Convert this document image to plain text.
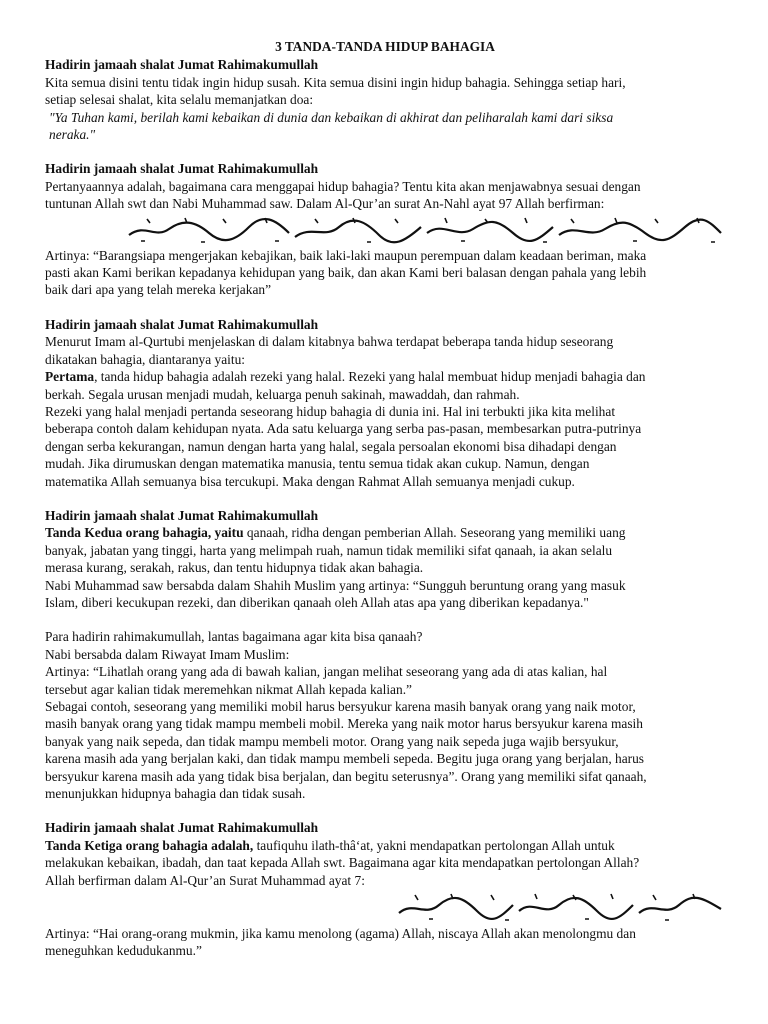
3 TANDA-TANDA HIDUP BAHAGIA

Hadirin jamaah shalat Jumat Rahimakumullah

Kita semua disini tentu tidak ingin hidup susah. Kita semua disini ingin hidup bahagia. Sehingga setiap hari,

setiap selesai shalat, kita selalu memanjatkan doa:

"Ya Tuhan kami, berilah kami kebaikan di dunia dan kebaikan di akhirat dan peliharalah kami dari siksa

neraka."

Hadirin jamaah shalat Jumat Rahimakumullah

Pertanyaannya adalah, bagaimana cara menggapai hidup bahagia? Tentu kita akan menjawabnya sesuai dengan

tuntunan Allah swt dan Nabi Muhammad saw. Dalam Al-Qur’an surat An-Nahl ayat 97 Allah berfirman:

Artinya: “Barangsiapa mengerjakan kebajikan, baik laki-laki maupun perempuan dalam keadaan beriman, maka

pasti akan Kami berikan kepadanya kehidupan yang baik, dan akan Kami beri balasan dengan pahala yang lebih

baik dari apa yang telah mereka kerjakan”

Hadirin jamaah shalat Jumat Rahimakumullah

Menurut Imam al-Qurtubi menjelaskan di dalam kitabnya bahwa terdapat beberapa tanda hidup seseorang

dikatakan bahagia, diantaranya yaitu:

Pertama, tanda hidup bahagia adalah rezeki yang halal. Rezeki yang halal membuat hidup menjadi bahagia dan

berkah. Segala urusan menjadi mudah, keluarga penuh sakinah, mawaddah, dan rahmah.

Rezeki yang halal menjadi pertanda seseorang hidup bahagia di dunia ini. Hal ini terbukti jika kita melihat

beberapa contoh dalam kehidupan nyata. Ada satu keluarga yang serba pas-pasan, membesarkan putra-putrinya

dengan serba kekurangan, namun dengan harta yang halal, segala persoalan ekonomi bisa dihadapi dengan

mudah. Jika dirumuskan dengan matematika manusia, tentu semua tidak akan cukup. Namun, dengan

matematika Allah semuanya bisa tercukupi. Maka dengan Rahmat Allah semuanya menjadi cukup.

Hadirin jamaah shalat Jumat Rahimakumullah

Tanda Kedua orang bahagia, yaitu qanaah, ridha dengan pemberian Allah. Seseorang yang memiliki uang

banyak, jabatan yang tinggi, harta yang melimpah ruah, namun tidak memiliki sifat qanaah, ia akan selalu

merasa kurang, serakah, rakus, dan tentu hidupnya tidak akan bahagia.

Nabi Muhammad saw bersabda dalam Shahih Muslim yang artinya: “Sungguh beruntung orang yang masuk

Islam, diberi kecukupan rezeki, dan diberikan qanaah oleh Allah atas apa yang diberikan kepadanya."

Para hadirin rahimakumullah, lantas bagaimana agar kita bisa qanaah?

Nabi bersabda dalam Riwayat Imam Muslim:

Artinya: “Lihatlah orang yang ada di bawah kalian, jangan melihat seseorang yang ada di atas kalian, hal

tersebut agar kalian tidak meremehkan nikmat Allah kepada kalian.”

Sebagai contoh, seseorang yang memiliki mobil harus bersyukur karena masih banyak orang yang naik motor,

masih banyak orang yang tidak mampu membeli mobil. Mereka yang naik motor harus bersyukur karena masih

banyak yang naik sepeda, dan tidak mampu membeli motor. Orang yang naik sepeda juga wajib bersyukur,

karena masih ada yang berjalan kaki, dan tidak mampu membeli sepeda. Begitu juga orang yang berjalan, harus

bersyukur karena masih ada yang tidak bisa berjalan, dan begitu seterusnya”. Orang yang memiliki sifat qanaah,

menunjukkan hidupnya bahagia dan tidak susah.

Hadirin jamaah shalat Jumat Rahimakumullah

Tanda Ketiga orang bahagia adalah, taufiquhu ilath-thâ‘at, yakni mendapatkan pertolongan Allah untuk

melakukan kebaikan, ibadah, dan taat kepada Allah swt. Bagaimana agar kita mendapatkan pertolongan Allah?

Allah berfirman dalam Al-Qur’an Surat Muhammad ayat 7:

Artinya: “Hai orang-orang mukmin, jika kamu menolong (agama) Allah, niscaya Allah akan menolongmu dan

meneguhkan kedudukanmu.”
